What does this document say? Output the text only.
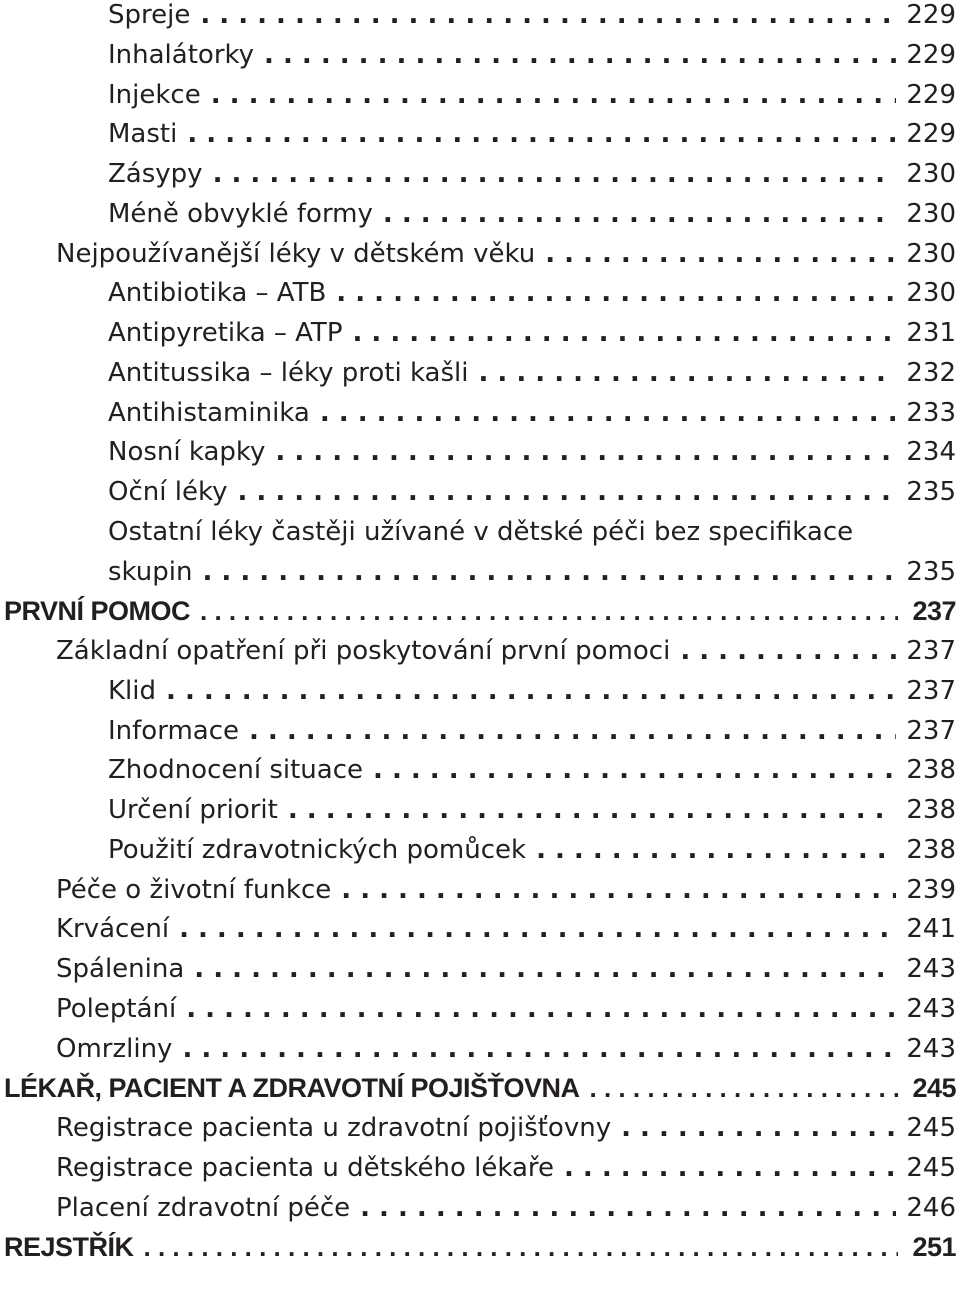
Spreje . . .	229
Inhalátorky . . .	229
Injekce . . .	229
Masti . . .	229
Zásypy . . .	230
Méně obvyklé formy . . .	230
Nejpoužívanější léky v dětském věku . . .	230
Antibiotika – ATB . . .	230
Antipyretika – ATP . . .	231
Antitussika – léky proti kašli . . .	232
Antihistaminika . . .	233
Nosní kapky . . .	234
Oční léky . . .	235
Ostatní léky častěji užívané v dětské péči bez specifikace
skupin . . .	235
PRVNÍ POMOC . . .	237
Základní opatření při poskytování první pomoci . . .	237
Klid . . .	237
Informace . . .	237
Zhodnocení situace . . .	238
Určení priorit . . .	238
Použití zdravotnických pomůcek . . .	238
Péče o životní funkce . . .	239
Krvácení . . .	241
Spálenina . . .	243
Poleptání . . .	243
Omrzliny . . .	243
LÉKAŘ, PACIENT A ZDRAVOTNÍ POJIŠŤOVNA . . .	245
Registrace pacienta u zdravotní pojišťovny . . .	245
Registrace pacienta u dětského lékaře . . .	245
Placení zdravotní péče . . .	246
REJSTŘÍK . . .	251
